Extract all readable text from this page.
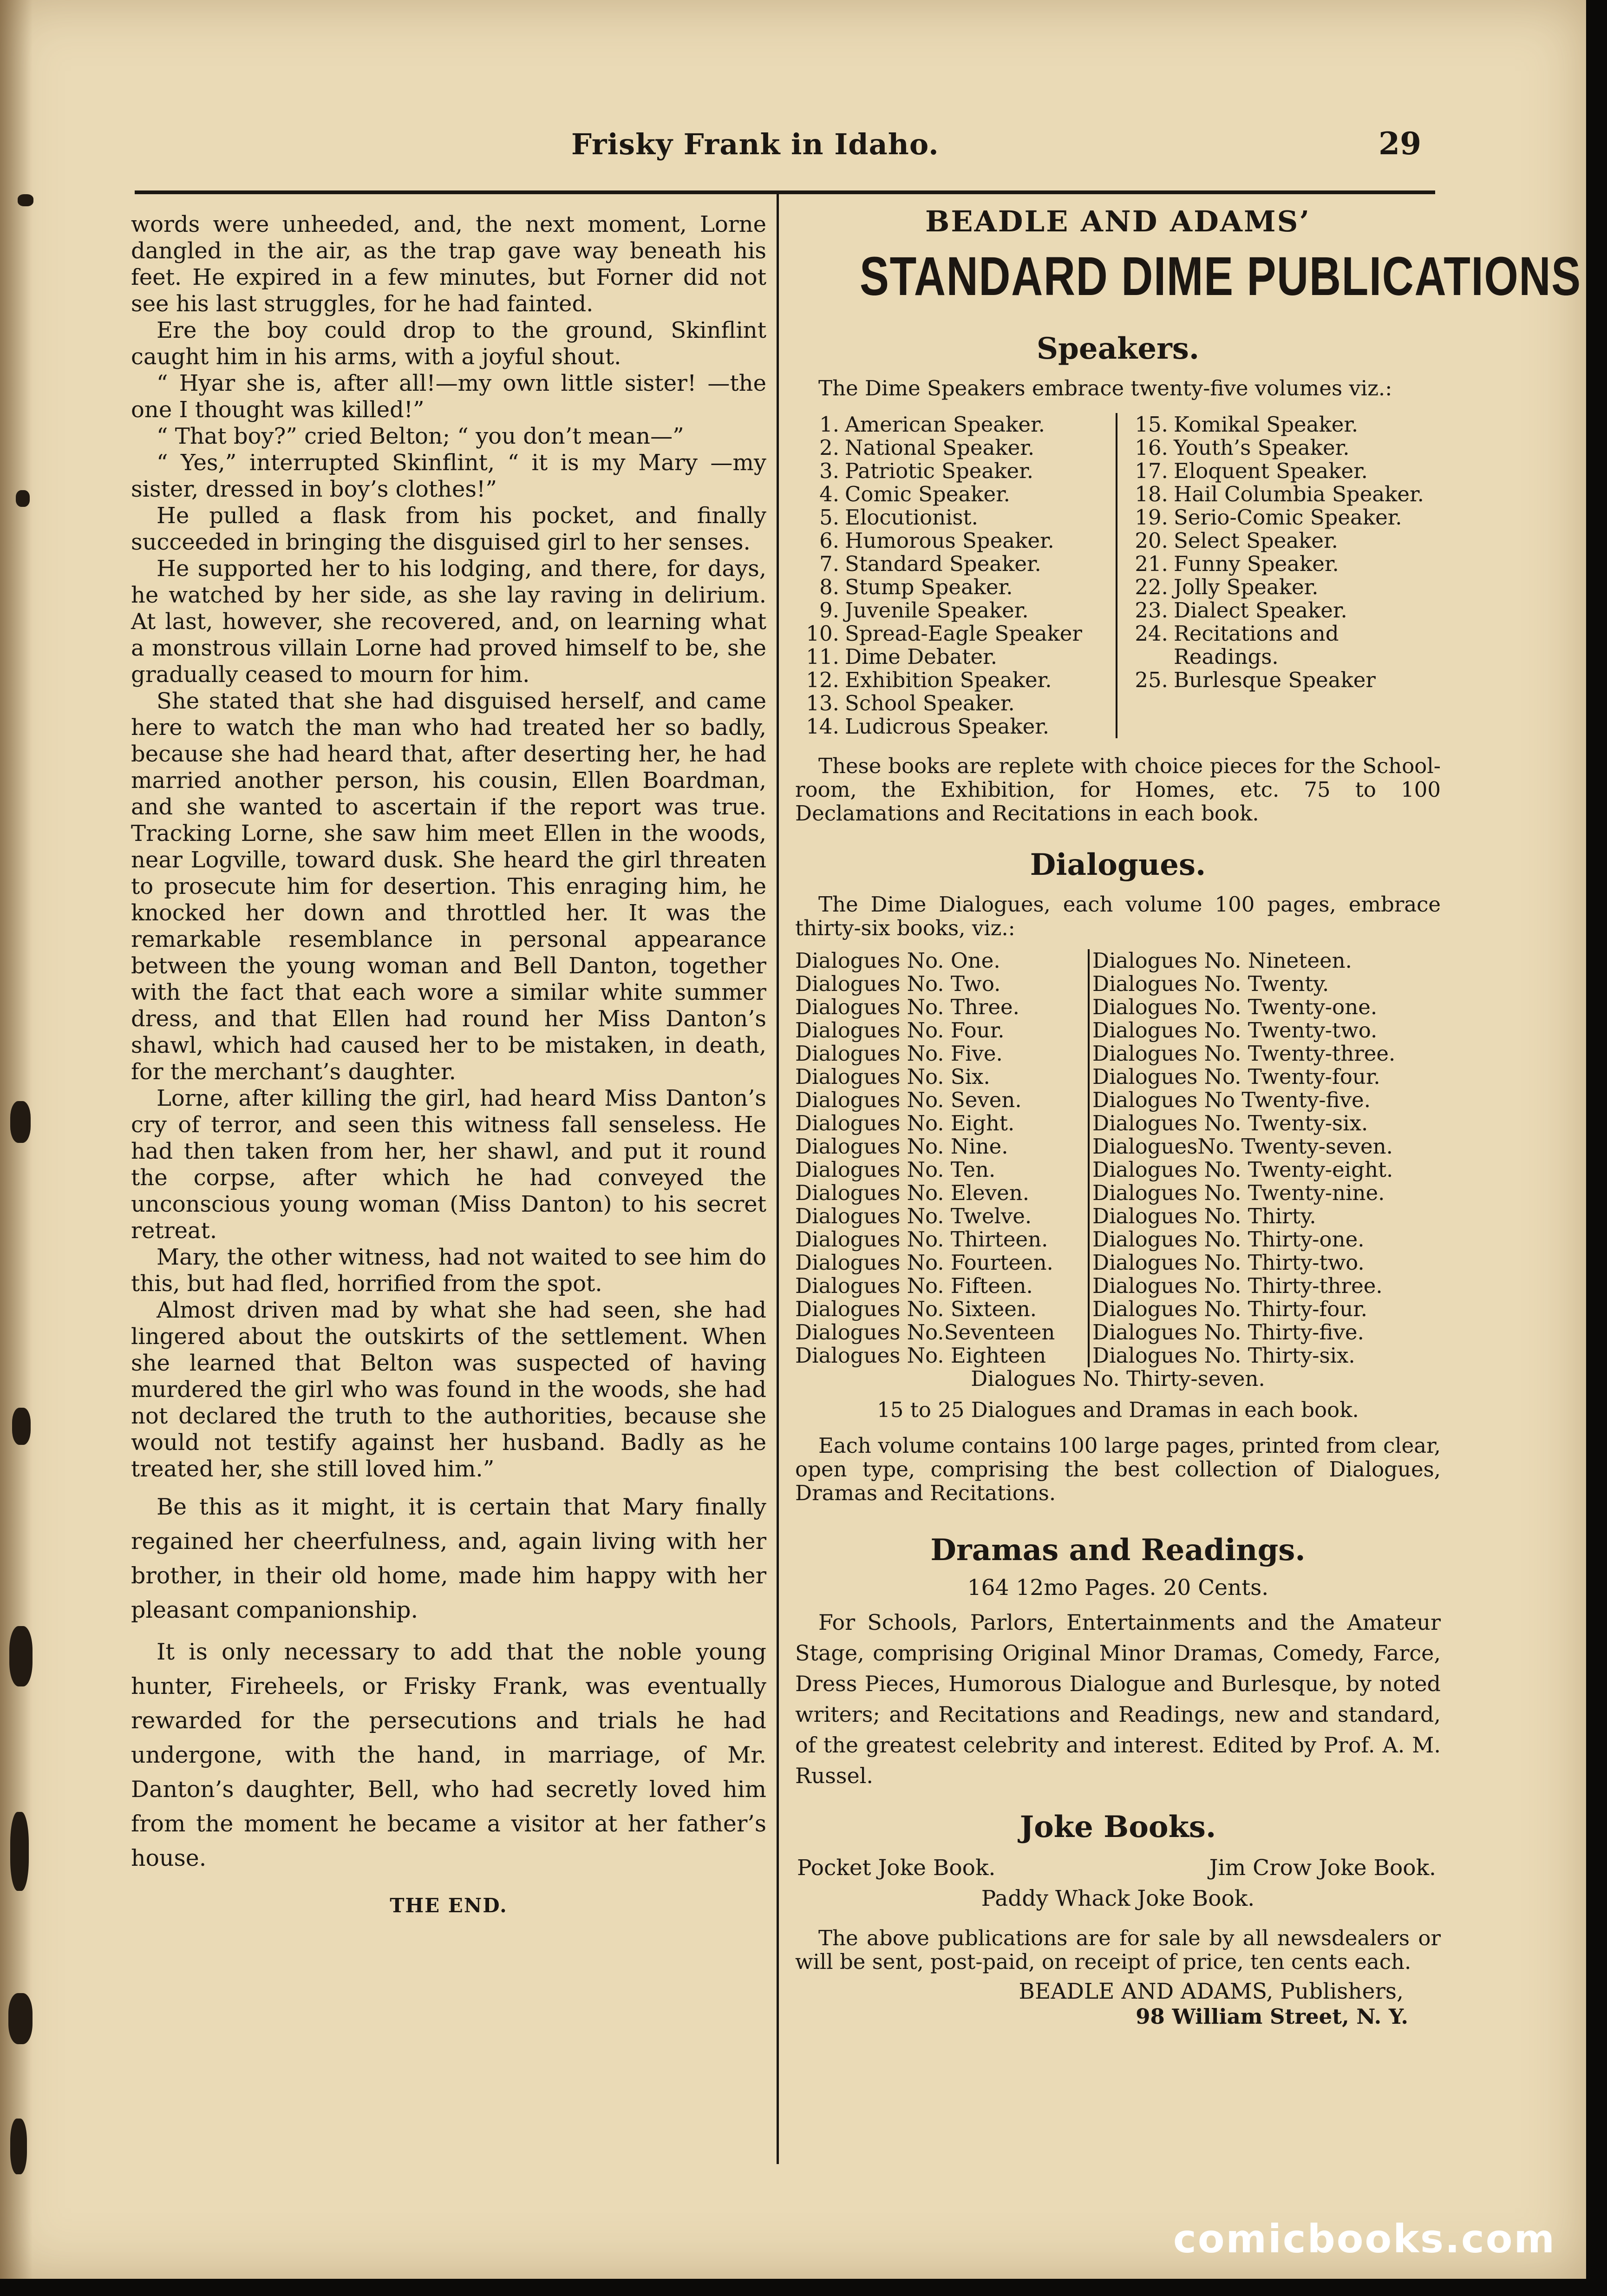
Frisky Frank in Idaho.	29

words were unheeded, and, the next moment, Lorne dangled in the air, as the trap gave way beneath his feet. He expired in a few minutes, but Forner did not see his last struggles, for he had fainted.

Ere the boy could drop to the ground, Skinflint caught him in his arms, with a joyful shout.

“ Hyar she is, after all!—my own little sister! —the one I thought was killed!”

“ That boy?” cried Belton; “ you don’t mean—”

“ Yes,” interrupted Skinflint, “ it is my Mary —my sister, dressed in boy’s clothes!”

He pulled a flask from his pocket, and finally succeeded in bringing the disguised girl to her senses.

He supported her to his lodging, and there, for days, he watched by her side, as she lay raving in delirium. At last, however, she recovered, and, on learning what a monstrous villain Lorne had proved himself to be, she gradually ceased to mourn for him.

She stated that she had disguised herself, and came here to watch the man who had treated her so badly, because she had heard that, after deserting her, he had married another person, his cousin, Ellen Boardman, and she wanted to ascertain if the report was true. Tracking Lorne, she saw him meet Ellen in the woods, near Logville, toward dusk. She heard the girl threaten to prosecute him for desertion. This enraging him, he knocked her down and throttled her. It was the remarkable resemblance in personal appearance between the young woman and Bell Danton, together with the fact that each wore a similar white summer dress, and that Ellen had round her Miss Danton’s shawl, which had caused her to be mistaken, in death, for the merchant’s daughter.

Lorne, after killing the girl, had heard Miss Danton’s cry of terror, and seen this witness fall senseless. He had then taken from her, her shawl, and put it round the corpse, after which he had conveyed the unconscious young woman (Miss Danton) to his secret retreat.

Mary, the other witness, had not waited to see him do this, but had fled, horrified from the spot.

Almost driven mad by what she had seen, she had lingered about the outskirts of the settlement. When she learned that Belton was suspected of having murdered the girl who was found in the woods, she had not declared the truth to the authorities, because she would not testify against her husband. Badly as he treated her, she still loved him.”

Be this as it might, it is certain that Mary finally regained her cheerfulness, and, again living with her brother, in their old home, made him happy with her pleasant companionship.

It is only necessary to add that the noble young hunter, Fireheels, or Frisky Frank, was eventually rewarded for the persecutions and trials he had undergone, with the hand, in marriage, of Mr. Danton’s daughter, Bell, who had secretly loved him from the moment he became a visitor at her father’s house.

THE END.

BEADLE AND ADAMS’

STANDARD DIME PUBLICATIONS

Speakers.

The Dime Speakers embrace twenty-five volumes viz.:

1. American Speaker.
2. National Speaker.
3. Patriotic Speaker.
4. Comic Speaker.
5. Elocutionist.
6. Humorous Speaker.
7. Standard Speaker.
8. Stump Speaker.
9. Juvenile Speaker.
10. Spread-Eagle Speaker
11. Dime Debater.
12. Exhibition Speaker.
13. School Speaker.
14. Ludicrous Speaker.
15. Komikal Speaker.
16. Youth’s Speaker.
17. Eloquent Speaker.
18. Hail Columbia Speaker.
19. Serio-Comic Speaker.
20. Select Speaker.
21. Funny Speaker.
22. Jolly Speaker.
23. Dialect Speaker.
24. Recitations and Readings.
25. Burlesque Speaker

These books are replete with choice pieces for the School-room, the Exhibition, for Homes, etc. 75 to 100 Declamations and Recitations in each book.

Dialogues.

The Dime Dialogues, each volume 100 pages, embrace thirty-six books, viz.:

Dialogues No. One.
Dialogues No. Two.
Dialogues No. Three.
Dialogues No. Four.
Dialogues No. Five.
Dialogues No. Six.
Dialogues No. Seven.
Dialogues No. Eight.
Dialogues No. Nine.
Dialogues No. Ten.
Dialogues No. Eleven.
Dialogues No. Twelve.
Dialogues No. Thirteen.
Dialogues No. Fourteen.
Dialogues No. Fifteen.
Dialogues No. Sixteen.
Dialogues No.Seventeen
Dialogues No. Eighteen
Dialogues No. Nineteen.
Dialogues No. Twenty.
Dialogues No. Twenty-one.
Dialogues No. Twenty-two.
Dialogues No. Twenty-three.
Dialogues No. Twenty-four.
Dialogues No Twenty-five.
Dialogues No. Twenty-six.
DialoguesNo. Twenty-seven.
Dialogues No. Twenty-eight.
Dialogues No. Twenty-nine.
Dialogues No. Thirty.
Dialogues No. Thirty-one.
Dialogues No. Thirty-two.
Dialogues No. Thirty-three.
Dialogues No. Thirty-four.
Dialogues No. Thirty-five.
Dialogues No. Thirty-six.
Dialogues No. Thirty-seven.

15 to 25 Dialogues and Dramas in each book.

Each volume contains 100 large pages, printed from clear, open type, comprising the best collection of Dialogues, Dramas and Recitations.

Dramas and Readings.

164 12mo Pages. 20 Cents.

For Schools, Parlors, Entertainments and the Amateur Stage, comprising Original Minor Dramas, Comedy, Farce, Dress Pieces, Humorous Dialogue and Burlesque, by noted writers; and Recitations and Readings, new and standard, of the greatest celebrity and interest. Edited by Prof. A. M. Russel.

Joke Books.

Pocket Joke Book.	Jim Crow Joke Book.
Paddy Whack Joke Book.

The above publications are for sale by all newsdealers or will be sent, post-paid, on receipt of price, ten cents each.

BEADLE AND ADAMS, Publishers,
98 William Street, N. Y.
comicbooks.com
